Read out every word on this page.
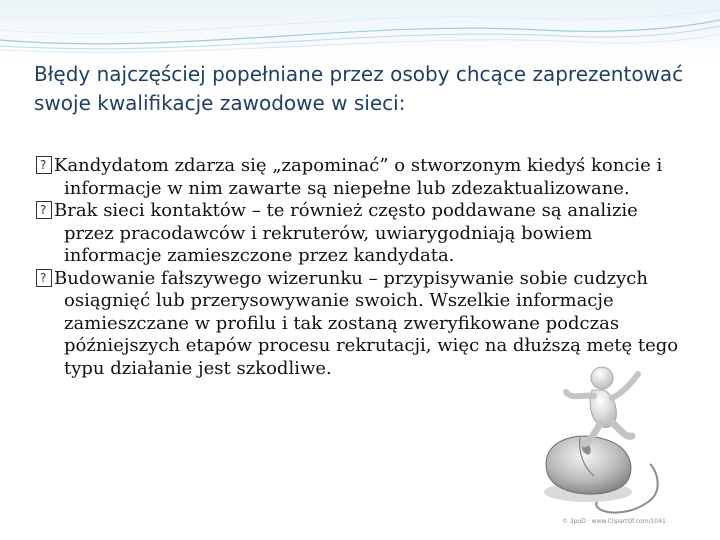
Błędy najczęściej popełniane przez osoby chcące zaprezentować swoje kwalifikacje zawodowe w sieci:

?Kandydatom zdarza się „zapominać” o stworzonym kiedyś koncie i informacje w nim zawarte są niepełne lub zdezaktualizowane.

?Brak sieci kontaktów – te również często poddawane są analizie przez pracodawców i rekruterów, uwiarygodniają bowiem informacje zamieszczone przez kandydata.

?Budowanie fałszywego wizerunku – przypisywanie sobie cudzych osiągnięć lub przerysowywanie swoich. Wszelkie informacje zamieszczane w profilu i tak zostaną zweryfikowane podczas późniejszych etapów procesu rekrutacji, więc na dłuższą metę tego typu działanie jest szkodliwe.

© 3poD · www.ClipartOf.com/1041
